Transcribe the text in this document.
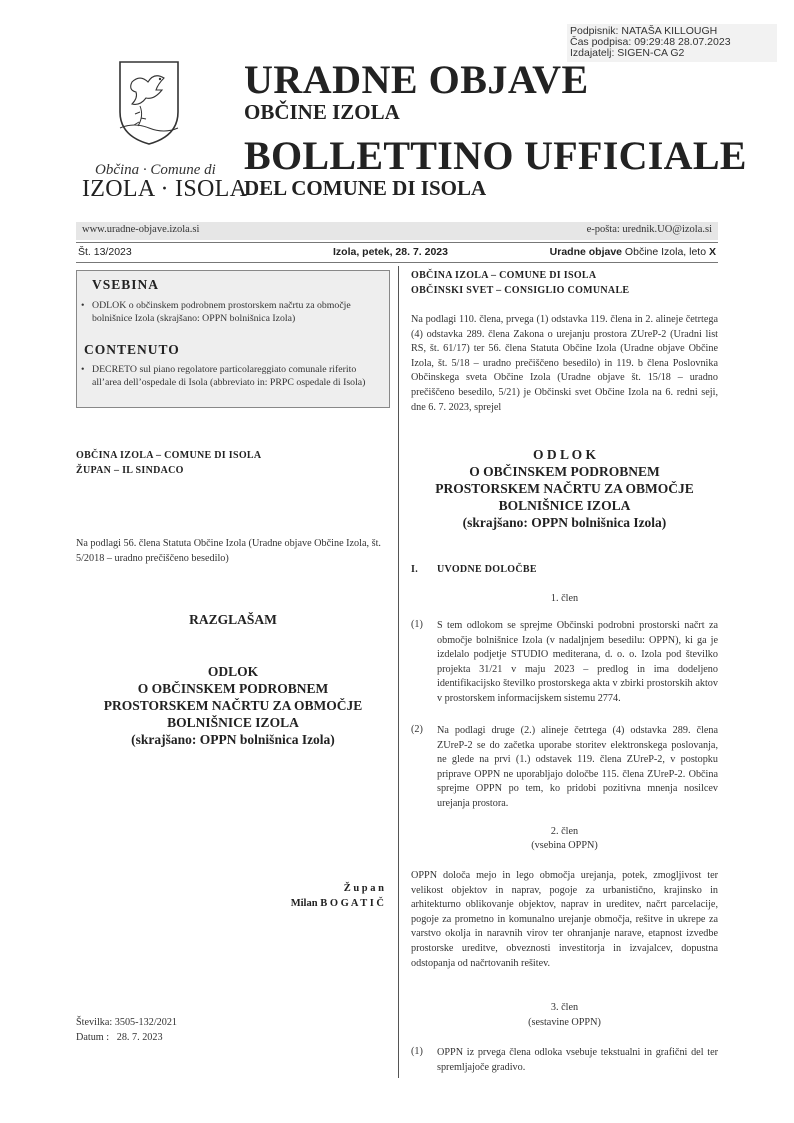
Podpisnik: NATAŠA KILLOUGH
Čas podpisa: 09:29:48 28.07.2023
Izdajatelj: SIGEN-CA G2
Občina · Comune di
IZOLA · ISOLA
URADNE OBJAVE
OBČINE IZOLA
BOLLETTINO UFFICIALE
DEL COMUNE DI ISOLA
www.uradne-objave.izola.si	e-pošta: urednik.UO@izola.si
Št. 13/2023	Izola, petek, 28. 7. 2023	Uradne objave Občine Izola, leto X
VSEBINA
• ODLOK o občinskem podrobnem prostorskem načrtu za območje bolnišnice Izola (skrajšano: OPPN bolnišnica Izola)
CONTENUTO
• DECRETO sul piano regolatore particolareggiato comunale riferito all’area dell’ospedale di Isola (abbreviato in: PRPC ospedale di Isola)
OBČINA IZOLA – COMUNE DI ISOLA
ŽUPAN – IL SINDACO
Na podlagi 56. člena Statuta Občine Izola (Uradne objave Občine Izola, št. 5/2018 – uradno prečiščeno besedilo)
RAZGLAŠAM
ODLOK
O OBČINSKEM PODROBNEM
PROSTORSKEM NAČRTU ZA OBMOČJE
BOLNIŠNICE IZOLA
(skrajšano: OPPN bolnišnica Izola)
Ž u p a n
Milan B O G A T I Č
Številka: 3505-132/2021
Datum :   28. 7. 2023
OBČINA IZOLA – COMUNE DI ISOLA
OBČINSKI SVET – CONSIGLIO COMUNALE
Na podlagi 110. člena, prvega (1) odstavka 119. člena in 2. alineje četrtega (4) odstavka 289. člena Zakona o urejanju prostora ZUreP-2 (Uradni list RS, št. 61/17) ter 56. člena Statuta Občine Izola (Uradne objave Občine Izola, št. 5/18 – uradno prečiščeno besedilo) in 119. b člena Poslovnika Občinskega sveta Občine Izola (Uradne objave št. 15/18 – uradno prečiščeno besedilo, 5/21) je Občinski svet Občine Izola na 6. redni seji, dne 6. 7. 2023, sprejel
O D L O K
O OBČINSKEM PODROBNEM
PROSTORSKEM NAČRTU ZA OBMOČJE
BOLNIŠNICE IZOLA
(skrajšano: OPPN bolnišnica Izola)
I. UVODNE DOLOČBE
1. člen
(1) S tem odlokom se sprejme Občinski podrobni prostorski načrt za območje bolnišnice Izola (v nadaljnjem besedilu: OPPN), ki ga je izdelalo podjetje STUDIO mediterana, d. o. o. Izola pod številko projekta 31/21 v maju 2023 – predlog in ima dodeljeno identifikacijsko številko prostorskega akta v zbirki prostorskih aktov v prostorskem informacijskem sistemu 2774.
(2) Na podlagi druge (2.) alineje četrtega (4) odstavka 289. člena ZUreP-2 se do začetka uporabe storitev elektronskega poslovanja, ne glede na prvi (1.) odstavek 119. člena ZUreP-2, v postopku priprave OPPN ne uporabljajo določbe 115. člena ZUreP-2. Občina sprejme OPPN po tem, ko pridobi pozitivna mnenja nosilcev urejanja prostora.
2. člen
(vsebina OPPN)
OPPN določa mejo in lego območja urejanja, potek, zmogljivost ter velikost objektov in naprav, pogoje za urbanistično, krajinsko in arhitekturno oblikovanje objektov, naprav in ureditev, načrt parcelacije, pogoje za prometno in komunalno urejanje območja, rešitve in ukrepe za varstvo okolja in naravnih virov ter ohranjanje narave, etapnost izvedbe prostorske ureditve, obveznosti investitorja in izvajalcev, dopustna odstopanja od načrtovanih rešitev.
3. člen
(sestavine OPPN)
(1) OPPN iz prvega člena odloka vsebuje tekstualni in grafični del ter spremljajoče gradivo.
